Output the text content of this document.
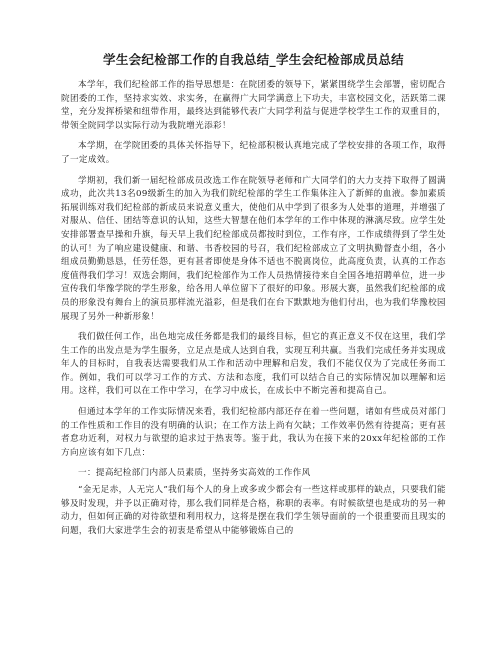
学生会纪检部工作的自我总结_学生会纪检部成员总结

本学年，我们纪检部工作的指导思想是：在院团委的领导下，紧紧围绕学生会部署，密切配合院团委的工作，坚持求实效、求实务，在赢得广大同学满意上下功夫，丰富校园文化，活跃第二课堂，充分发挥桥梁和纽带作用，最终达到能够代表广大同学利益与促进学校学生工作的双重目的，带领全院同学以实际行动为我院增光添彩！

本学期，在学院团委的具体关怀指导下，纪检部积极认真地完成了学校安排的各项工作，取得了一定成效。

学期初，我们新一届纪检部成员改选工作在院领导老师和广大同学们的大力支持下取得了圆满成功，此次共13名09级新生的加入为我们院纪检部的学生工作集体注入了新鲜的血液。参加素质拓展训练对我们纪检部的新成员来说意义重大，使他们从中学到了很多为人处事的道理，并增强了对服从、信任、团结等意识的认知，这些大智慧在他们本学年的工作中体现的淋漓尽致。应学生处安排部署查早操和升旗，每天早上我们纪检部成员都按时到位，工作有序，工作成绩得到了学生处的认可！为了响应建设健康、和谐、书香校园的号召，我们纪检部成立了文明执勤督查小组，各小组成员勤勤恳恳，任劳任怨，更有甚者即使是身体不适也不脱离岗位，此高度负责，认真的工作态度值得我们学习！双选会期间，我们纪检部作为工作人员热情接待来自全国各地招聘单位，进一步宣传我们华豫学院的学生形象，给各用人单位留下了很好的印象。形展大赛，虽然我们纪检部的成员的形象没有舞台上的演员那样流光溢彩，但是我们在台下默默地为他们付出，也为我们华豫校园展现了另外一种新形象！

我们做任何工作，出色地完成任务都是我们的最终目标，但它的真正意义不仅在这里，我们学生工作的出发点是为学生服务，立足点是成人达到自我，实现互利共赢。当我们完成任务并实现成年人的目标时，自我表达需要我们从工作和活动中理解和启发，我们不能仅仅为了完成任务而工作。例如，我们可以学习工作的方式、方法和态度，我们可以结合自己的实际情况加以理解和运用。这样，我们可以在工作中学习，在学习中成长，在成长中不断完善和提高自己。

但通过本学年的工作实际情况来看，我们纪检部内部还存在着一些问题，诸如有些成员对部门的工作性质和工作目的没有明确的认识；在工作方法上尚有欠缺；工作效率仍然有待提高；更有甚者怠功近利，对权力与欲望的追求过于热衷等。鉴于此，我认为在接下来的20xx年纪检部的工作方向应该有如下几点：

一：提高纪检部门内部人员素质，坚持务实高效的工作作风

“金无足赤，人无完人”我们每个人的身上或多或少都会有一些这样或那样的缺点，只要我们能够及时发现，并予以正确对待，那么我们同样是合格，称职的表率。有时候欲望也是成功的另一种动力，但如何正确的对待欲望和利用权力，这将是摆在我们学生领导面前的一个很重要而且现实的问题，我们大家进学生会的初衷是希望从中能够锻炼自己的
